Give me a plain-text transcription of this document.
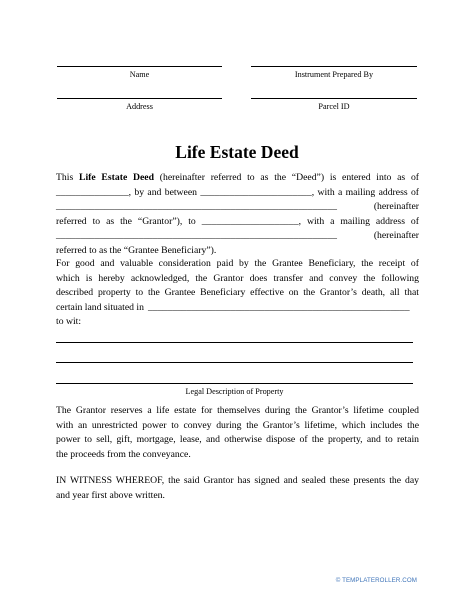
Name	Instrument Prepared By
Address	Parcel ID
Life Estate Deed
This Life Estate Deed (hereinafter referred to as the “Deed”) is entered into as of
_______________, by and between _______________________, with a mailing address of
__________________________________________________________	(hereinafter
referred to as the “Grantor”), to ____________________, with a mailing address of
__________________________________________________________	(hereinafter
referred to as the “Grantee Beneficiary”).
For good and valuable consideration paid by the Grantee Beneficiary, the receipt of
which is hereby acknowledged, the Grantor does transfer and convey the following
described property to the Grantee Beneficiary effective on the Grantor’s death, all that
certain land situated in ______________________________________________________
to wit:
Legal Description of Property
The Grantor reserves a life estate for themselves during the Grantor’s lifetime coupled
with an unrestricted power to convey during the Grantor’s lifetime, which includes the
power to sell, gift, mortgage, lease, and otherwise dispose of the property, and to retain
the proceeds from the conveyance.
IN WITNESS WHEREOF, the said Grantor has signed and sealed these presents the day
and year first above written.
© TEMPLATEROLLER.COM
